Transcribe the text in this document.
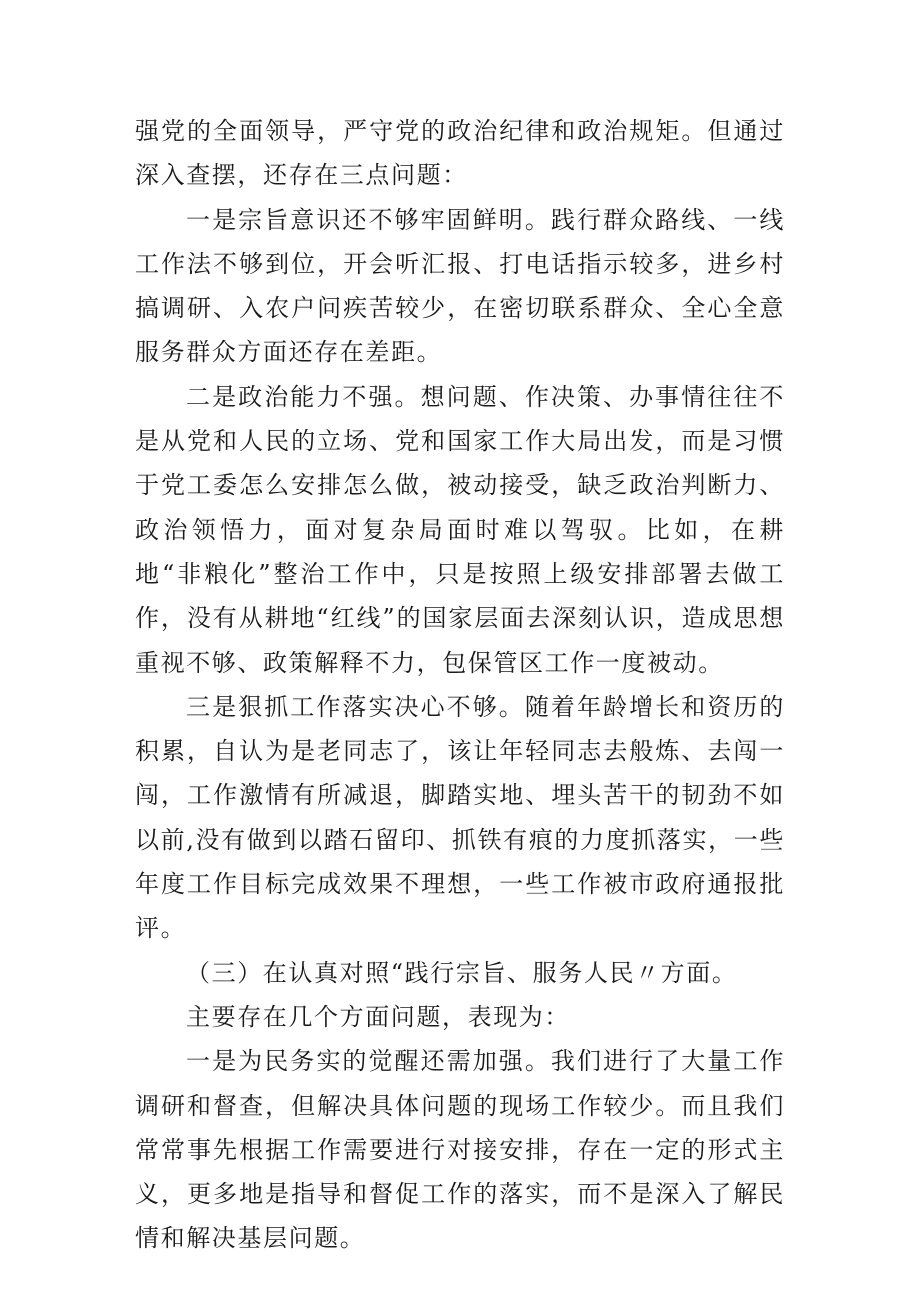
强党的全面领导，严守党的政治纪律和政治规矩。但通过深入查摆，还存在三点问题：

一是宗旨意识还不够牢固鲜明。践行群众路线、一线工作法不够到位，开会听汇报、打电话指示较多，进乡村搞调研、入农户问疾苦较少，在密切联系群众、全心全意服务群众方面还存在差距。

二是政治能力不强。想问题、作决策、办事情往往不是从党和人民的立场、党和国家工作大局出发，而是习惯于党工委怎么安排怎么做，被动接受，缺乏政治判断力、政治领悟力，面对复杂局面时难以驾驭。比如，在耕地“非粮化”整治工作中，只是按照上级安排部署去做工作，没有从耕地“红线”的国家层面去深刻认识，造成思想重视不够、政策解释不力，包保管区工作一度被动。

三是狠抓工作落实决心不够。随着年龄增长和资历的积累，自认为是老同志了，该让年轻同志去般炼、去闯一闯，工作激情有所减退，脚踏实地、埋头苦干的韧劲不如以前,没有做到以踏石留印、抓铁有痕的力度抓落实，一些年度工作目标完成效果不理想，一些工作被市政府通报批评。

（三）在认真对照“践行宗旨、服务人民〃方面。

主要存在几个方面问题，表现为：

一是为民务实的觉醒还需加强。我们进行了大量工作调研和督查，但解决具体问题的现场工作较少。而且我们常常事先根据工作需要进行对接安排，存在一定的形式主义，更多地是指导和督促工作的落实，而不是深入了解民情和解决基层问题。
